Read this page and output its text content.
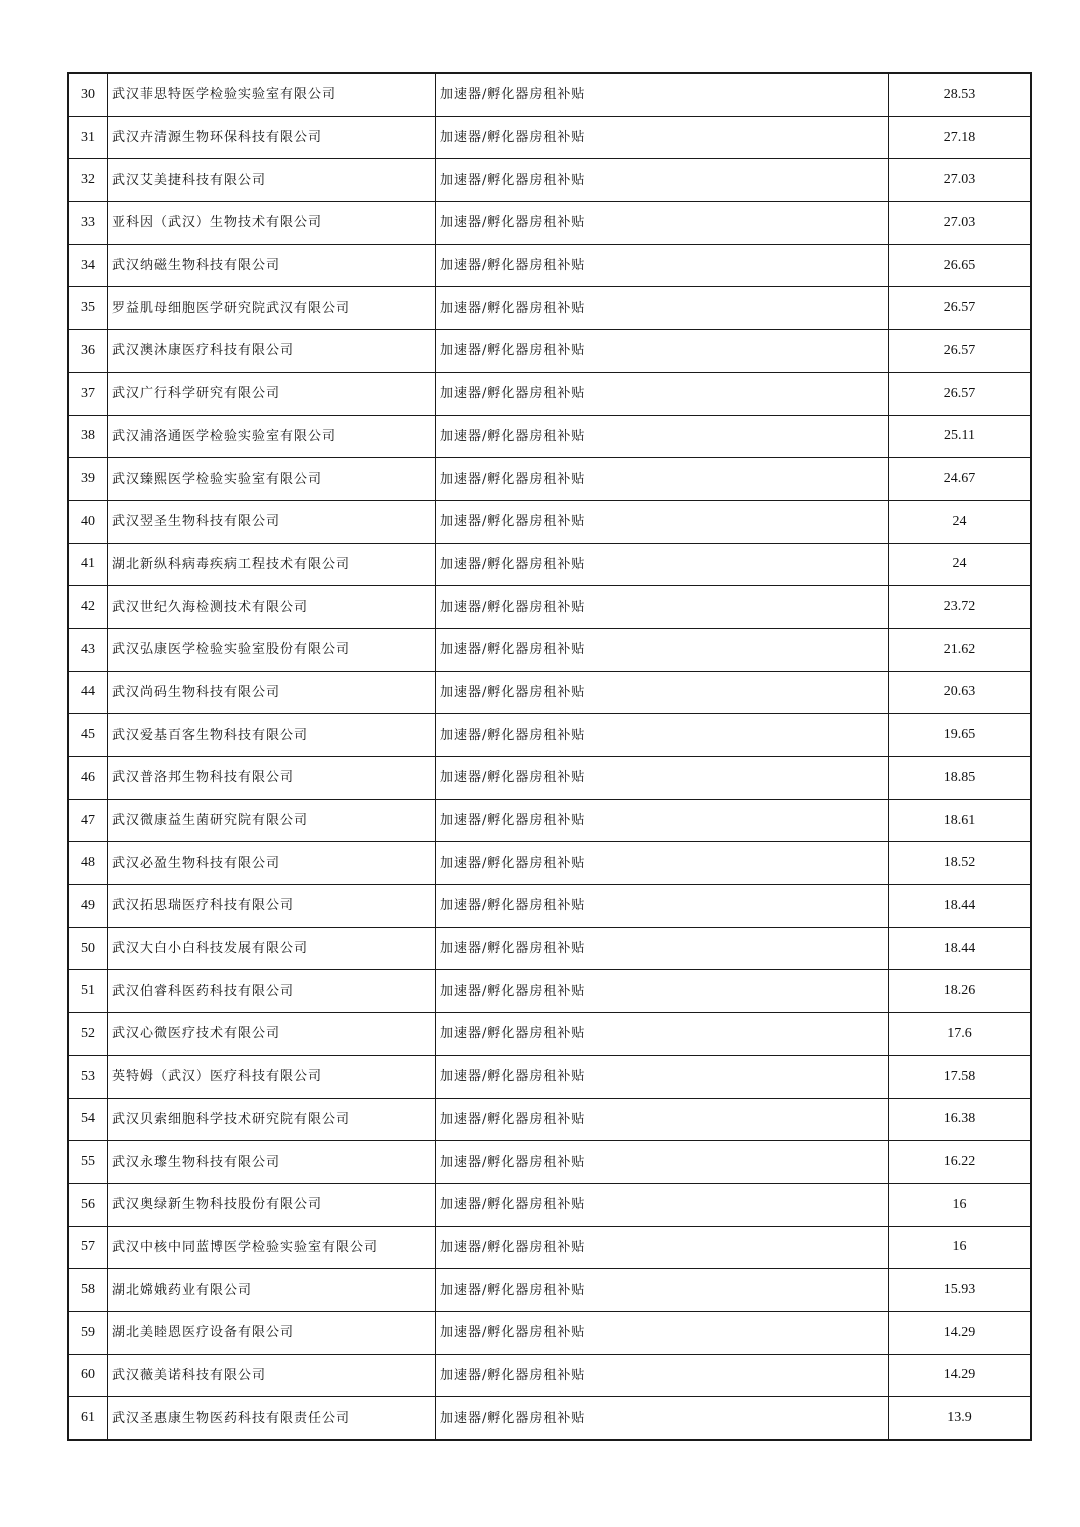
30	武汉菲思特医学检验实验室有限公司	加速器/孵化器房租补贴	28.53
31	武汉卉清源生物环保科技有限公司	加速器/孵化器房租补贴	27.18
32	武汉艾美捷科技有限公司	加速器/孵化器房租补贴	27.03
33	亚科因（武汉）生物技术有限公司	加速器/孵化器房租补贴	27.03
34	武汉纳磁生物科技有限公司	加速器/孵化器房租补贴	26.65
35	罗益肌母细胞医学研究院武汉有限公司	加速器/孵化器房租补贴	26.57
36	武汉澳沐康医疗科技有限公司	加速器/孵化器房租补贴	26.57
37	武汉广行科学研究有限公司	加速器/孵化器房租补贴	26.57
38	武汉浦洛通医学检验实验室有限公司	加速器/孵化器房租补贴	25.11
39	武汉臻熙医学检验实验室有限公司	加速器/孵化器房租补贴	24.67
40	武汉翌圣生物科技有限公司	加速器/孵化器房租补贴	24
41	湖北新纵科病毒疾病工程技术有限公司	加速器/孵化器房租补贴	24
42	武汉世纪久海检测技术有限公司	加速器/孵化器房租补贴	23.72
43	武汉弘康医学检验实验室股份有限公司	加速器/孵化器房租补贴	21.62
44	武汉尚码生物科技有限公司	加速器/孵化器房租补贴	20.63
45	武汉爱基百客生物科技有限公司	加速器/孵化器房租补贴	19.65
46	武汉普洛邦生物科技有限公司	加速器/孵化器房租补贴	18.85
47	武汉微康益生菌研究院有限公司	加速器/孵化器房租补贴	18.61
48	武汉必盈生物科技有限公司	加速器/孵化器房租补贴	18.52
49	武汉拓思瑞医疗科技有限公司	加速器/孵化器房租补贴	18.44
50	武汉大白小白科技发展有限公司	加速器/孵化器房租补贴	18.44
51	武汉伯睿科医药科技有限公司	加速器/孵化器房租补贴	18.26
52	武汉心微医疗技术有限公司	加速器/孵化器房租补贴	17.6
53	英特姆（武汉）医疗科技有限公司	加速器/孵化器房租补贴	17.58
54	武汉贝索细胞科学技术研究院有限公司	加速器/孵化器房租补贴	16.38
55	武汉永瓈生物科技有限公司	加速器/孵化器房租补贴	16.22
56	武汉奥绿新生物科技股份有限公司	加速器/孵化器房租补贴	16
57	武汉中核中同蓝博医学检验实验室有限公司	加速器/孵化器房租补贴	16
58	湖北嫦娥药业有限公司	加速器/孵化器房租补贴	15.93
59	湖北美睦恩医疗设备有限公司	加速器/孵化器房租补贴	14.29
60	武汉薇美诺科技有限公司	加速器/孵化器房租补贴	14.29
61	武汉圣惠康生物医药科技有限责任公司	加速器/孵化器房租补贴	13.9
